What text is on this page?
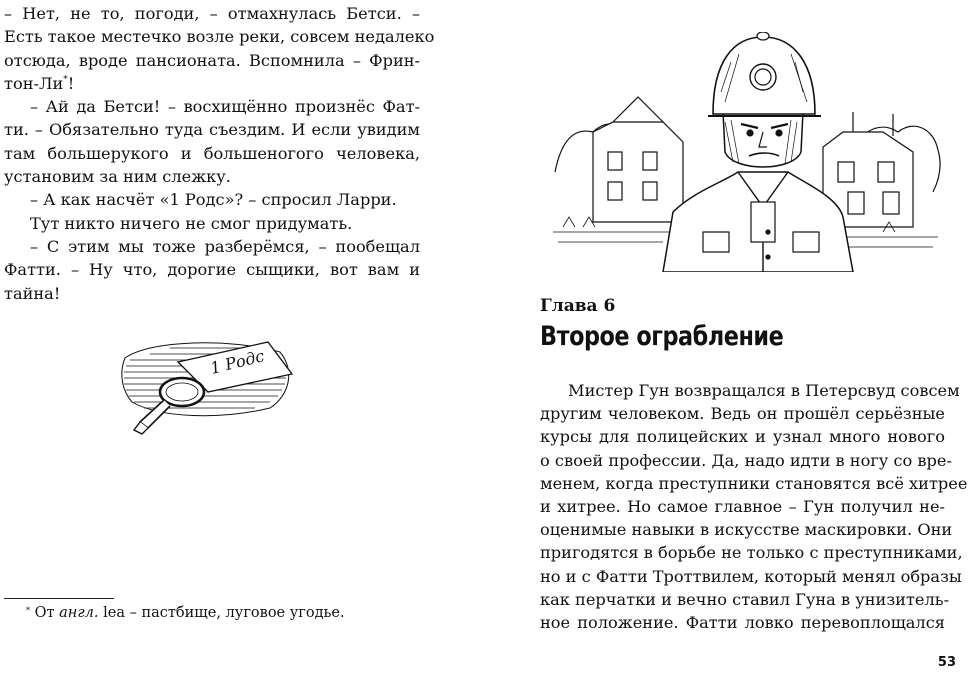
– Нет, не то, погоди, – отмахнулась Бетси. –
Есть такое местечко возле реки, совсем недалеко
отсюда, вроде пансионата. Вспомнила – Фрин-
тон-Ли*!
– Ай да Бетси! – восхищённо произнёс Фат-
ти. – Обязательно туда съездим. И если увидим
там большерукого и большеногого человека,
установим за ним слежку.
– А как насчёт «1 Родс»? – спросил Ларри.
Тут никто ничего не смог придумать.
– С этим мы тоже разберёмся, – пообещал
Фатти. – Ну что, дорогие сыщики, вот вам и
тайна!
1 Родс
* От англ. lea – пастбище, луговое угодье.
Глава 6
Второе ограбление
Мистер Гун возвращался в Петерсвуд совсем
другим человеком. Ведь он прошёл серьёзные
курсы для полицейских и узнал много нового
о своей профессии. Да, надо идти в ногу со вре-
менем, когда преступники становятся всё хитрее
и хитрее. Но самое главное – Гун получил не-
оценимые навыки в искусстве маскировки. Они
пригодятся в борьбе не только с преступниками,
но и с Фатти Троттвилем, который менял образы
как перчатки и вечно ставил Гуна в унизитель-
ное положение. Фатти ловко перевоплощался
53
